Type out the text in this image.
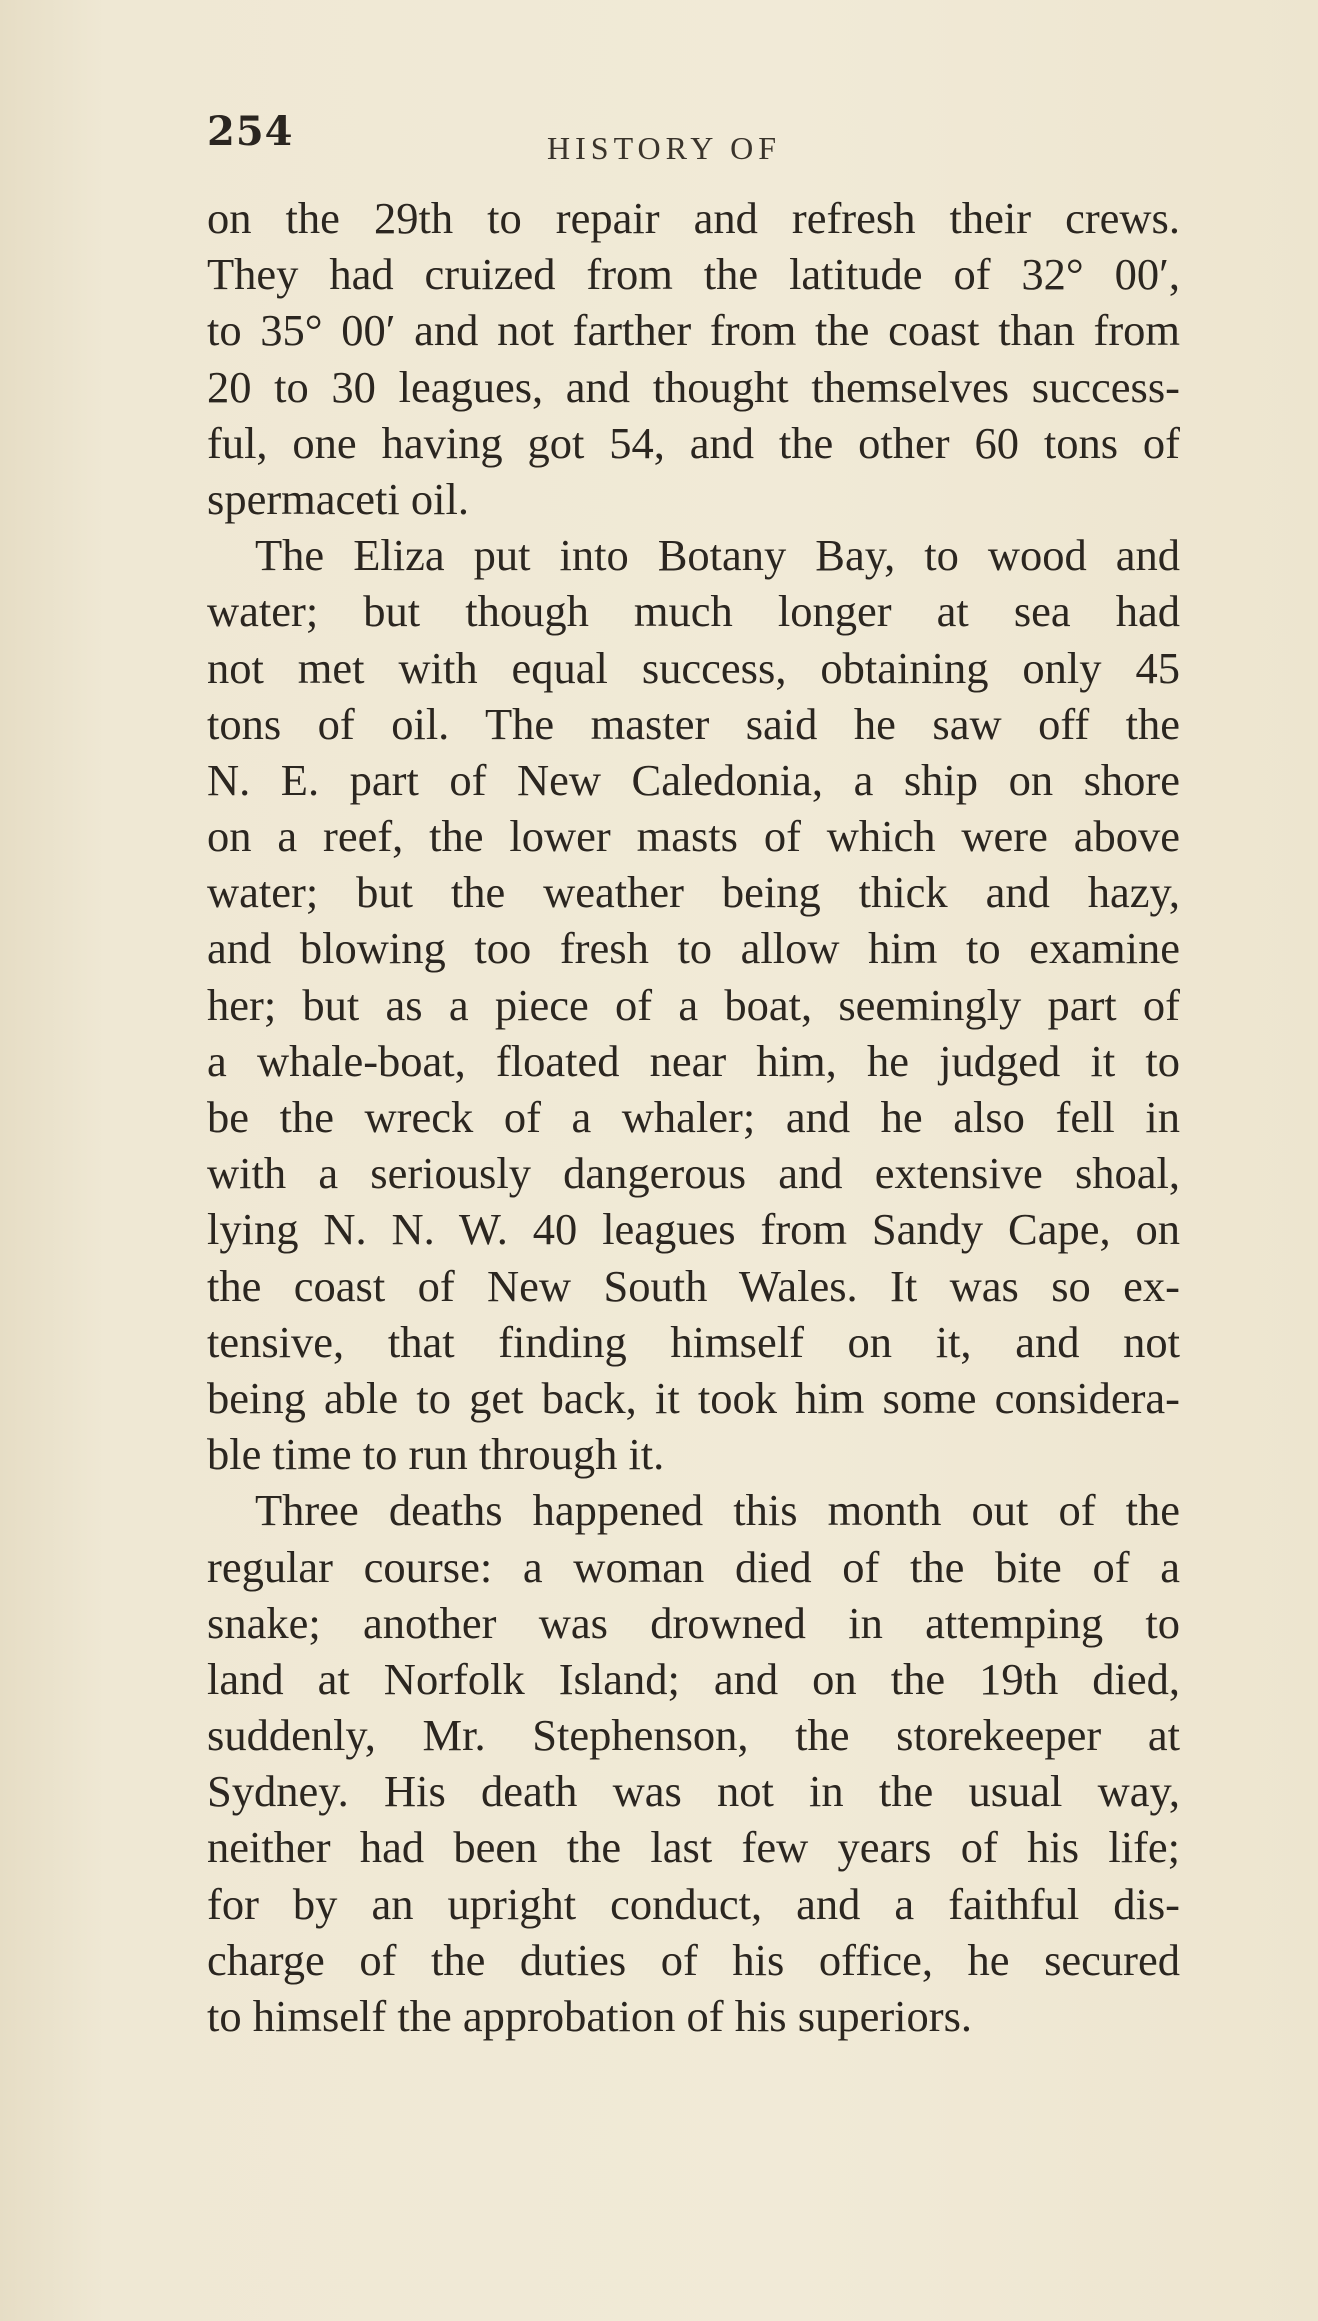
254	HISTORY OF
on the 29th to repair and refresh their crews.
They had cruized from the latitude of 32° 00′,
to 35° 00′ and not farther from the coast than from
20 to 30 leagues, and thought themselves success-
ful, one having got 54, and the other 60 tons of
spermaceti oil.
The Eliza put into Botany Bay, to wood and
water; but though much longer at sea had
not met with equal success, obtaining only 45
tons of oil. The master said he saw off the
N. E. part of New Caledonia, a ship on shore
on a reef, the lower masts of which were above
water; but the weather being thick and hazy,
and blowing too fresh to allow him to examine
her; but as a piece of a boat, seemingly part of
a whale-boat, floated near him, he judged it to
be the wreck of a whaler; and he also fell in
with a seriously dangerous and extensive shoal,
lying N. N. W. 40 leagues from Sandy Cape, on
the coast of New South Wales. It was so ex-
tensive, that finding himself on it, and not
being able to get back, it took him some considera-
ble time to run through it.
Three deaths happened this month out of the
regular course: a woman died of the bite of a
snake; another was drowned in attemping to
land at Norfolk Island; and on the 19th died,
suddenly, Mr. Stephenson, the storekeeper at
Sydney. His death was not in the usual way,
neither had been the last few years of his life;
for by an upright conduct, and a faithful dis-
charge of the duties of his office, he secured
to himself the approbation of his superiors.
